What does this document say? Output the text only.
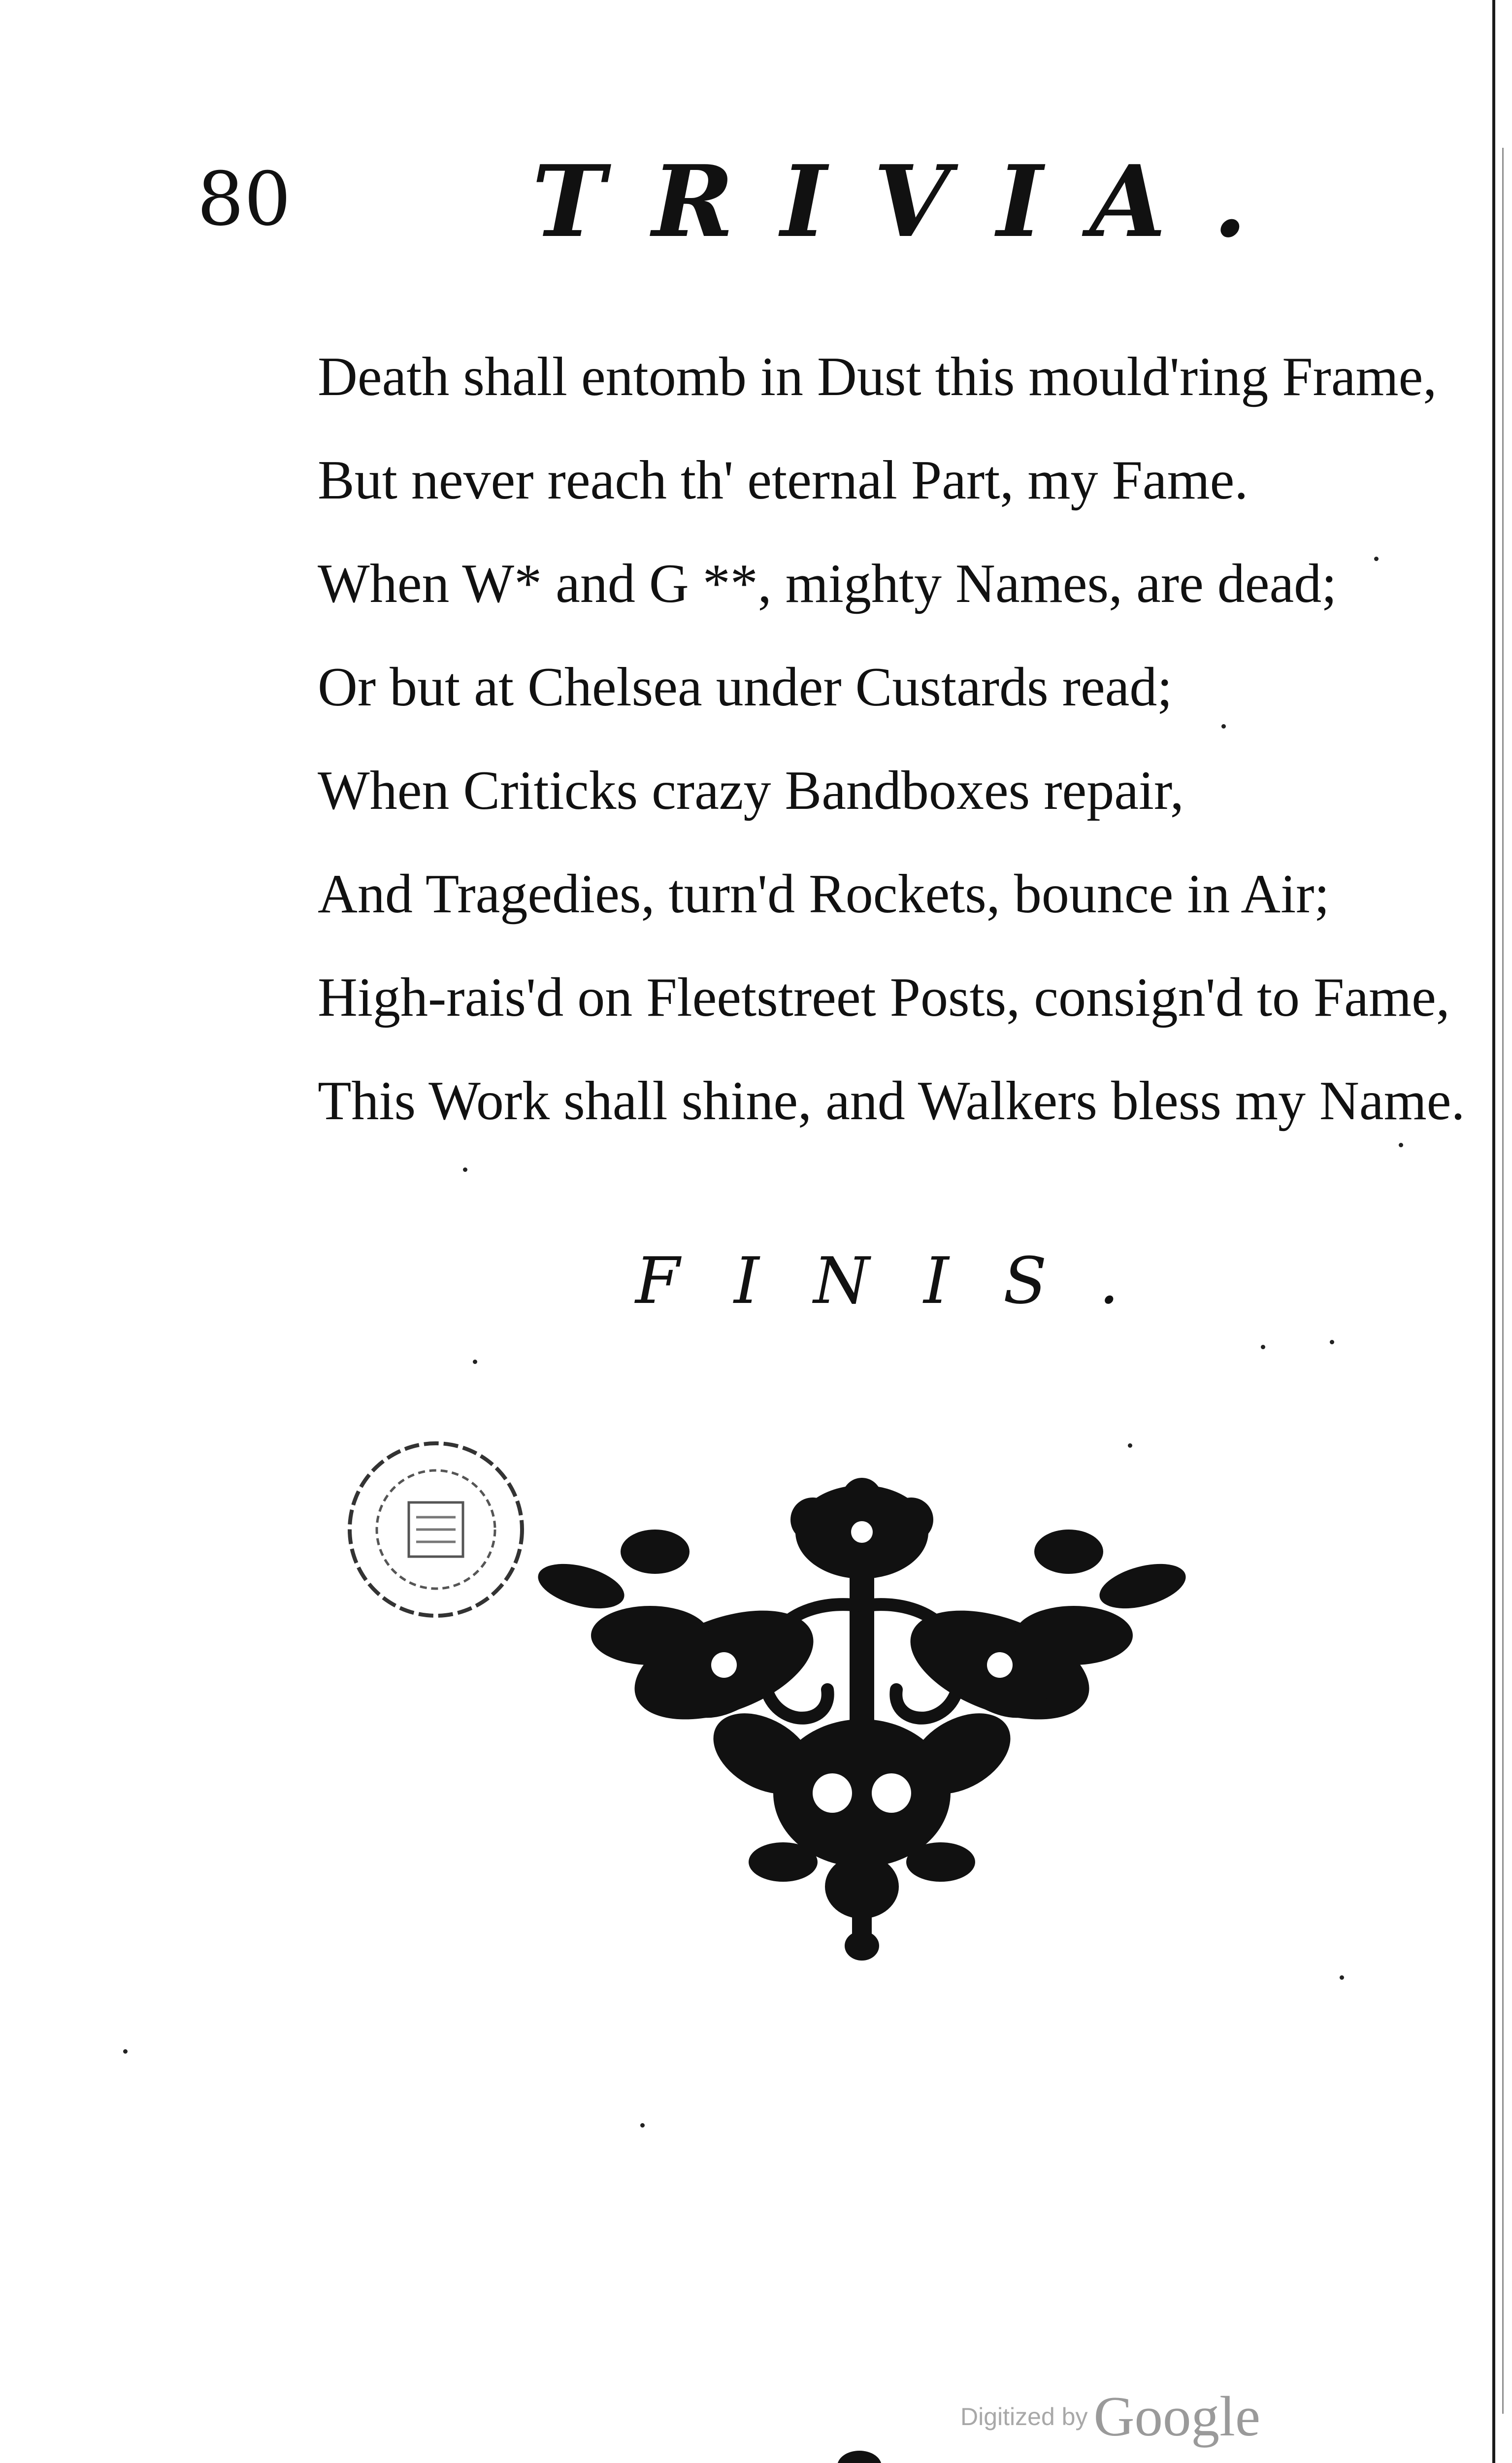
80 TRIVIA.
Death shall entomb in Dust this mould'ring Frame,
But never reach th' eternal Part, my Fame.
When W* and G **, mighty Names, are dead;
Or but at Chelsea under Custards read;
When Criticks crazy Bandboxes repair,
And Tragedies, turn'd Rockets, bounce in Air;
High-rais'd on Fleetstreet Posts, consign'd to Fame,
This Work shall shine, and Walkers bless my Name.
FINIS.
Digitized by Google
